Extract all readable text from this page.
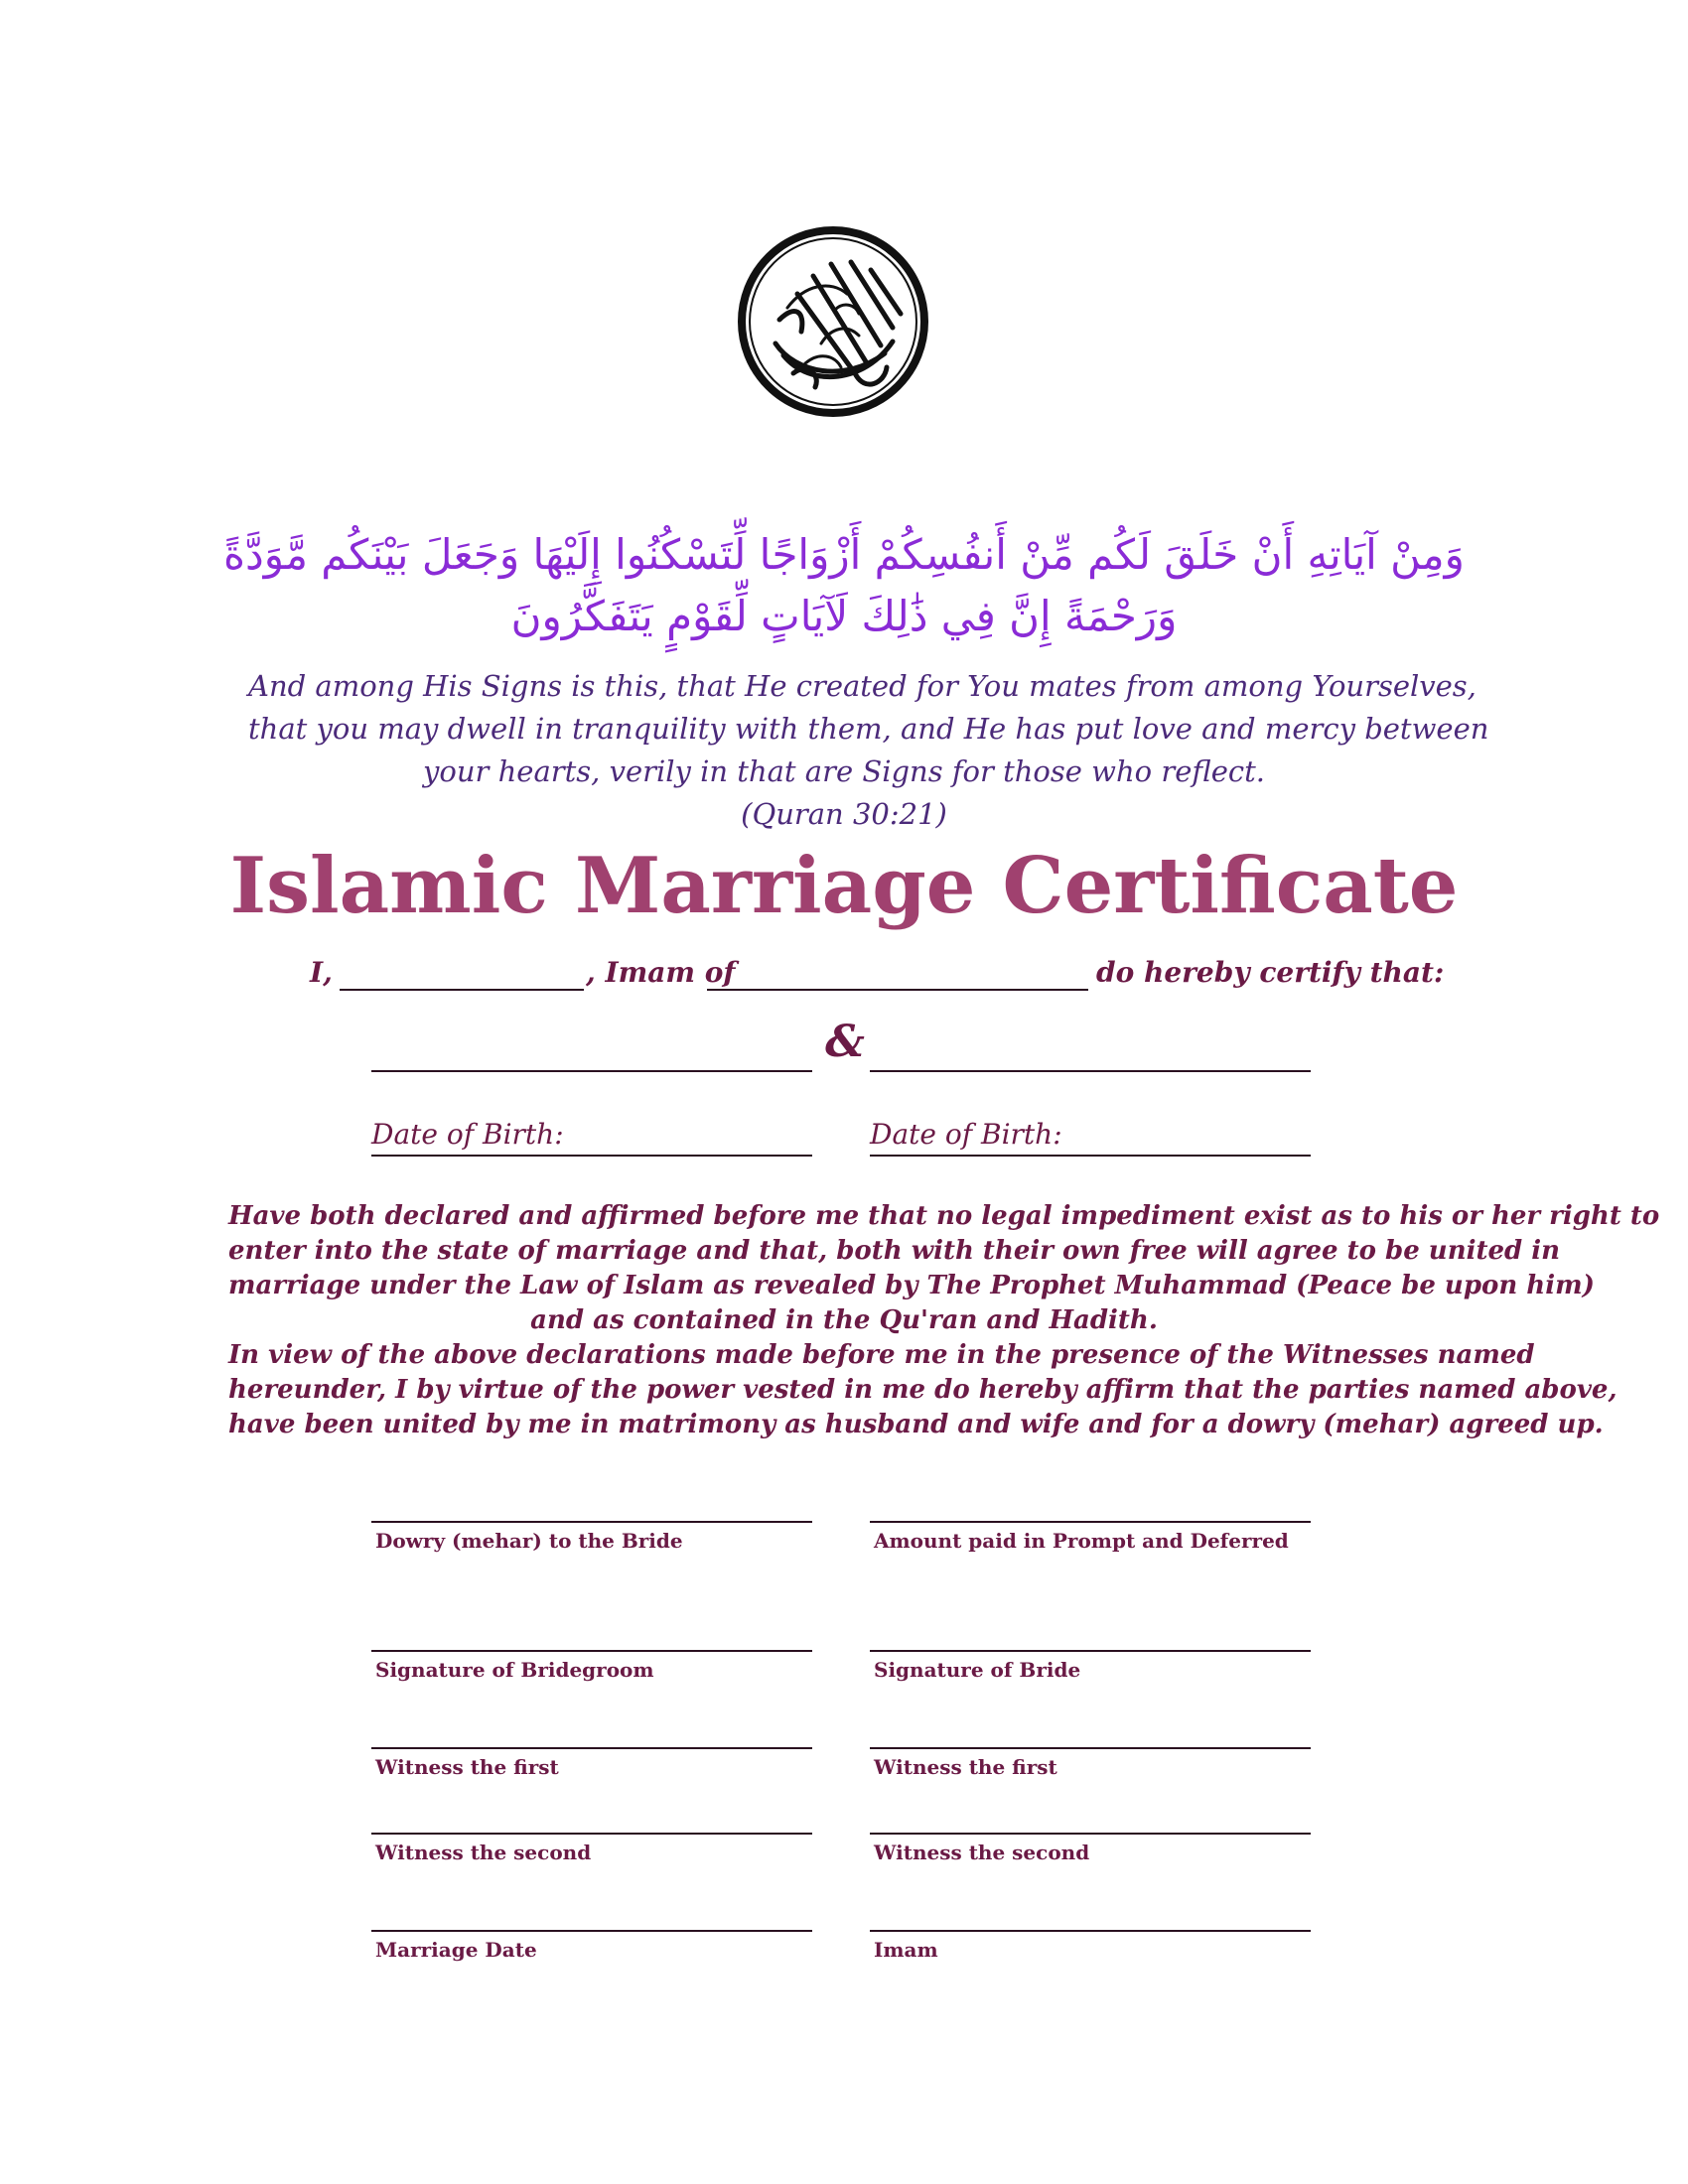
وَمِنْ آيَاتِهِ أَنْ خَلَقَ لَكُم مِّنْ أَنفُسِكُمْ أَزْوَاجًا لِّتَسْكُنُوا إِلَيْهَا وَجَعَلَ بَيْنَكُم مَّوَدَّةً
وَرَحْمَةً إِنَّ فِي ذَٰلِكَ لَآيَاتٍ لِّقَوْمٍ يَتَفَكَّرُونَ
And among His Signs is this, that He created for You mates from among Yourselves,
that you may dwell in tranquility with them, and He has put love and mercy between
your hearts, verily in that are Signs for those who reflect.
(Quran 30:21)
Islamic Marriage Certificate
I,	, Imam of	do hereby certify that:
&
Date of Birth:	Date of Birth:
Have both declared and affirmed before me that no legal impediment exist as to his or her right to
enter into the state of marriage and that, both with their own free will agree to be united in
marriage under the Law of Islam as revealed by The Prophet Muhammad (Peace be upon him)
and as contained in the Qu'ran and Hadith.
In view of the above declarations made before me in the presence of the Witnesses named
hereunder, I by virtue of the power vested in me do hereby affirm that the parties named above,
have been united by me in matrimony as husband and wife and for a dowry (mehar) agreed up.
Dowry (mehar) to the Bride	Amount paid in Prompt and Deferred
Signature of Bridegroom	Signature of Bride
Witness the first	Witness the first
Witness the second	Witness the second
Marriage Date	Imam
